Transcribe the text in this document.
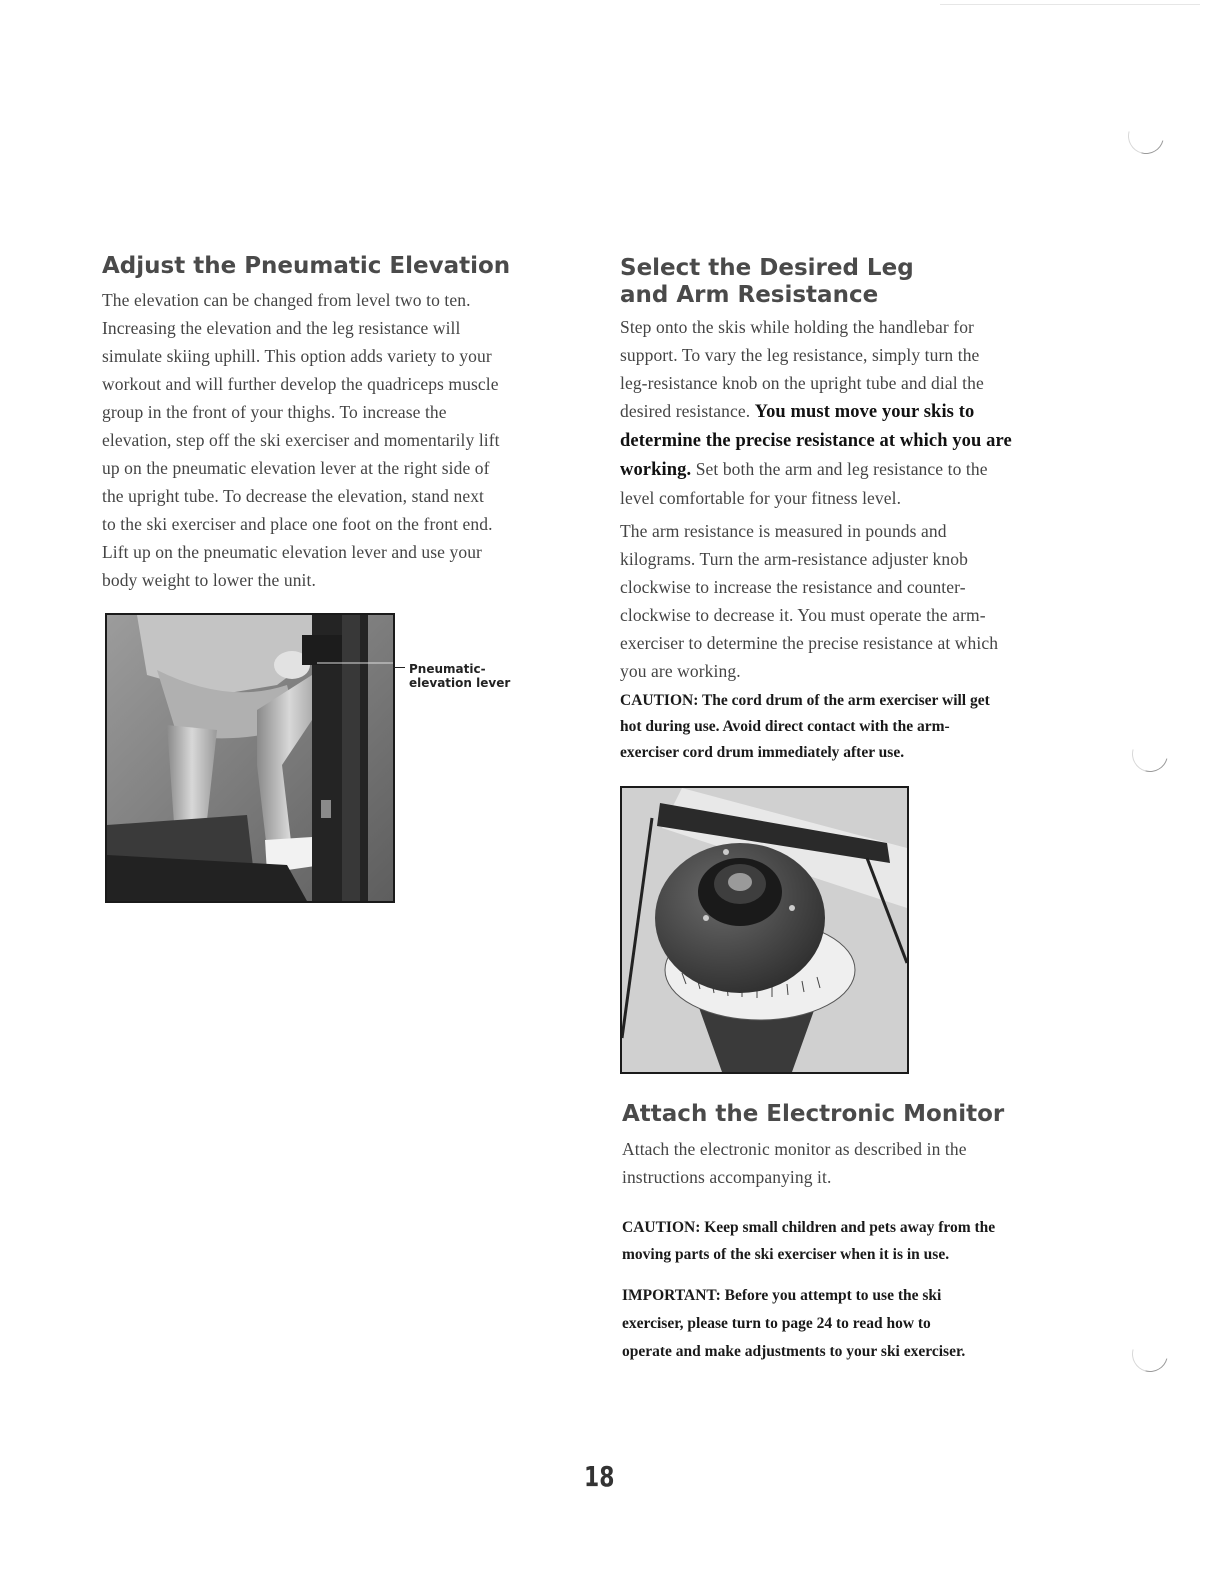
Adjust the Pneumatic Elevation
The elevation can be changed from level two to ten.
Increasing the elevation and the leg resistance will
simulate skiing uphill. This option adds variety to your
workout and will further develop the quadriceps muscle
group in the front of your thighs. To increase the
elevation, step off the ski exerciser and momentarily lift
up on the pneumatic elevation lever at the right side of
the upright tube. To decrease the elevation, stand next
to the ski exerciser and place one foot on the front end.
Lift up on the pneumatic elevation lever and use your
body weight to lower the unit.
Pneumatic-
elevation lever
Select the Desired Leg
and Arm Resistance
Step onto the skis while holding the handlebar for
support. To vary the leg resistance, simply turn the
leg-resistance knob on the upright tube and dial the
desired resistance. You must move your skis to
determine the precise resistance at which you are
working. Set both the arm and leg resistance to the
level comfortable for your fitness level.
The arm resistance is measured in pounds and
kilograms. Turn the arm-resistance adjuster knob
clockwise to increase the resistance and counter-
clockwise to decrease it. You must operate the arm-
exerciser to determine the precise resistance at which
you are working.
CAUTION: The cord drum of the arm exerciser will get
hot during use. Avoid direct contact with the arm-
exerciser cord drum immediately after use.
Attach the Electronic Monitor
Attach the electronic monitor as described in the
instructions accompanying it.
CAUTION: Keep small children and pets away from the
moving parts of the ski exerciser when it is in use.
IMPORTANT: Before you attempt to use the ski
exerciser, please turn to page 24 to read how to
operate and make adjustments to your ski exerciser.
18
